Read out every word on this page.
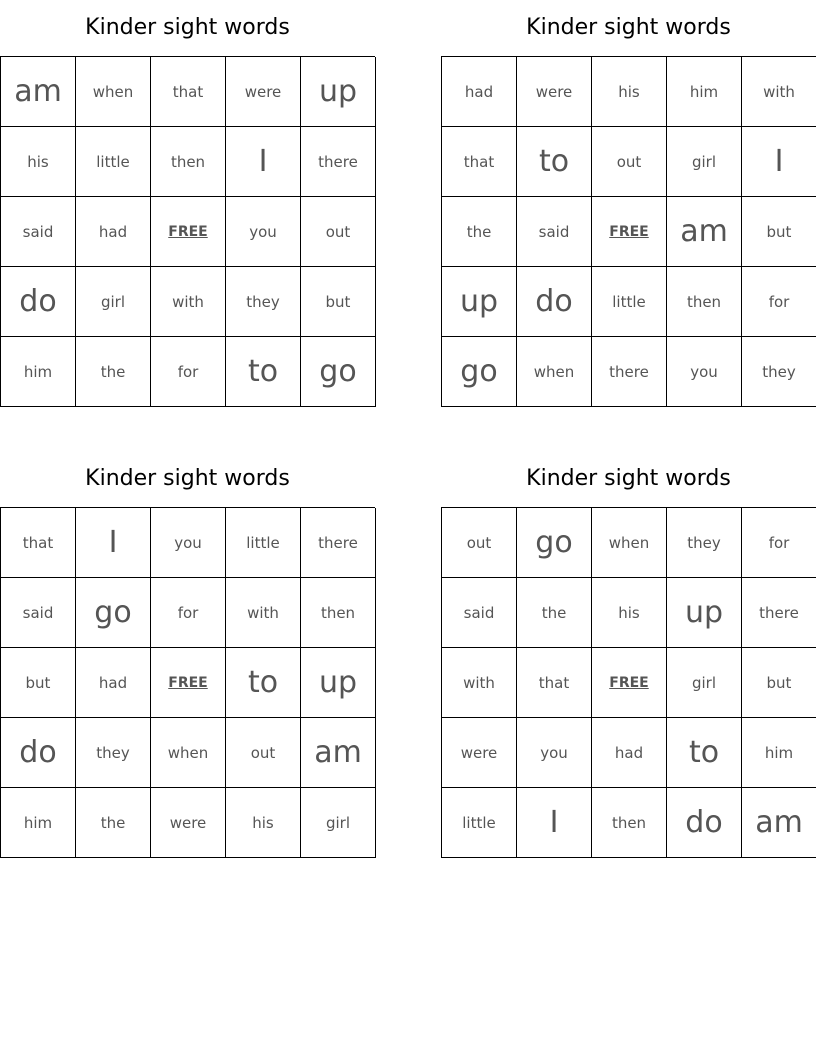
Kinder sight words
am	when	that	were	up
his	little	then	I	there
said	had	FREE	you	out
do	girl	with	they	but
him	the	for	to	go
Kinder sight words
had	were	his	him	with
that	to	out	girl	I
the	said	FREE	am	but
up	do	little	then	for
go	when	there	you	they
Kinder sight words
that	I	you	little	there
said	go	for	with	then
but	had	FREE	to	up
do	they	when	out	am
him	the	were	his	girl
Kinder sight words
out	go	when	they	for
said	the	his	up	there
with	that	FREE	girl	but
were	you	had	to	him
little	I	then	do	am
